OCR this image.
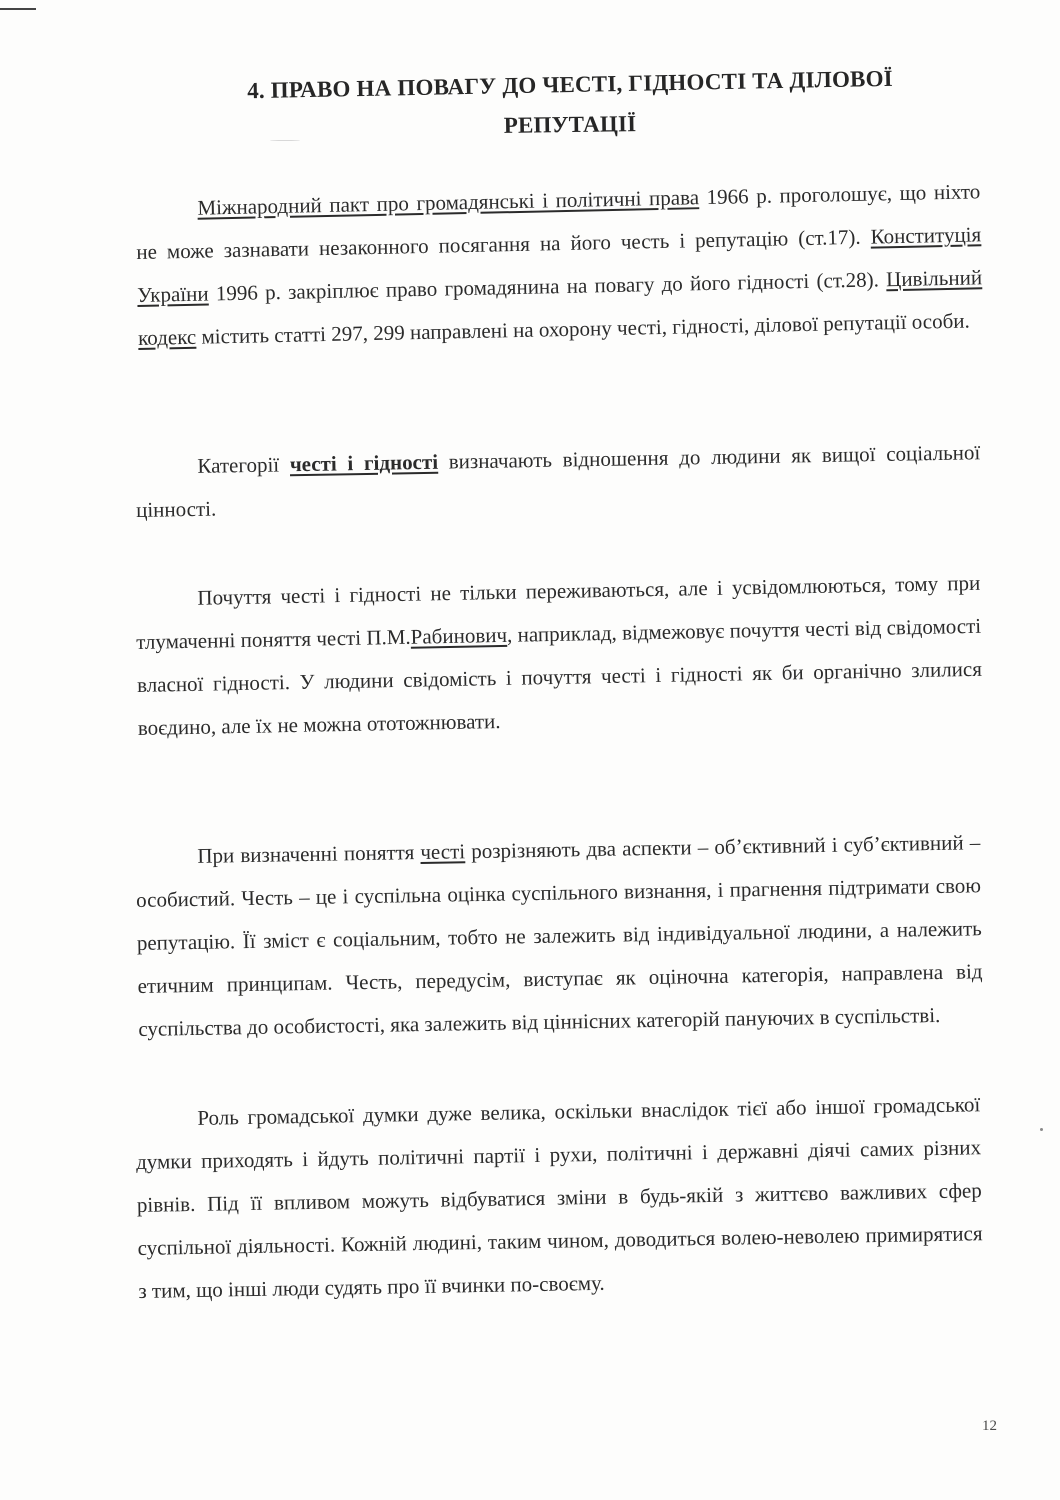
4. ПРАВО НА ПОВАГУ ДО ЧЕСТІ, ГІДНОСТІ ТА ДІЛОВОЇ
РЕПУТАЦІЇ
Міжнародний пакт про громадянські і політичні права 1966 р. проголошує, що ніхто не може зазнавати незаконного посягання на його честь і репутацію (ст.17). Конституція України 1996 р. закріплює право громадянина на повагу до його гідності (ст.28). Цивільний кодекс містить статті 297, 299 направлені на охорону честі, гідності, ділової репутації особи.
Категорії честі і гідності визначають відношення до людини як вищої соціальної цінності.
Почуття честі і гідності не тільки переживаються, але і усвідомлюються, тому при тлумаченні поняття честі П.М.Рабинович, наприклад, відмежовує почуття честі від свідомості власної гідності. У людини свідомість і почуття честі і гідності як би органічно злилися воєдино, але їх не можна ототожнювати.
При визначенні поняття честі розрізняють два аспекти – об’єктивний і суб’єктивний – особистий. Честь – це і суспільна оцінка суспільного визнання, і прагнення підтримати свою репутацію. Її зміст є соціальним, тобто не залежить від індивідуальної людини, а належить етичним принципам. Честь, передусім, виступає як оціночна категорія, направлена від суспільства до особистості, яка залежить від ціннісних категорій пануючих в суспільстві.
Роль громадської думки дуже велика, оскільки внаслідок тієї або іншої громадської думки приходять і йдуть політичні партії і рухи, політичні і державні діячі самих різних рівнів. Під її впливом можуть відбуватися зміни в будь-якій з життєво важливих сфер суспільної діяльності. Кожній людині, таким чином, доводиться волею-неволею примирятися з тим, що інші люди судять про її вчинки по-своєму.
12
